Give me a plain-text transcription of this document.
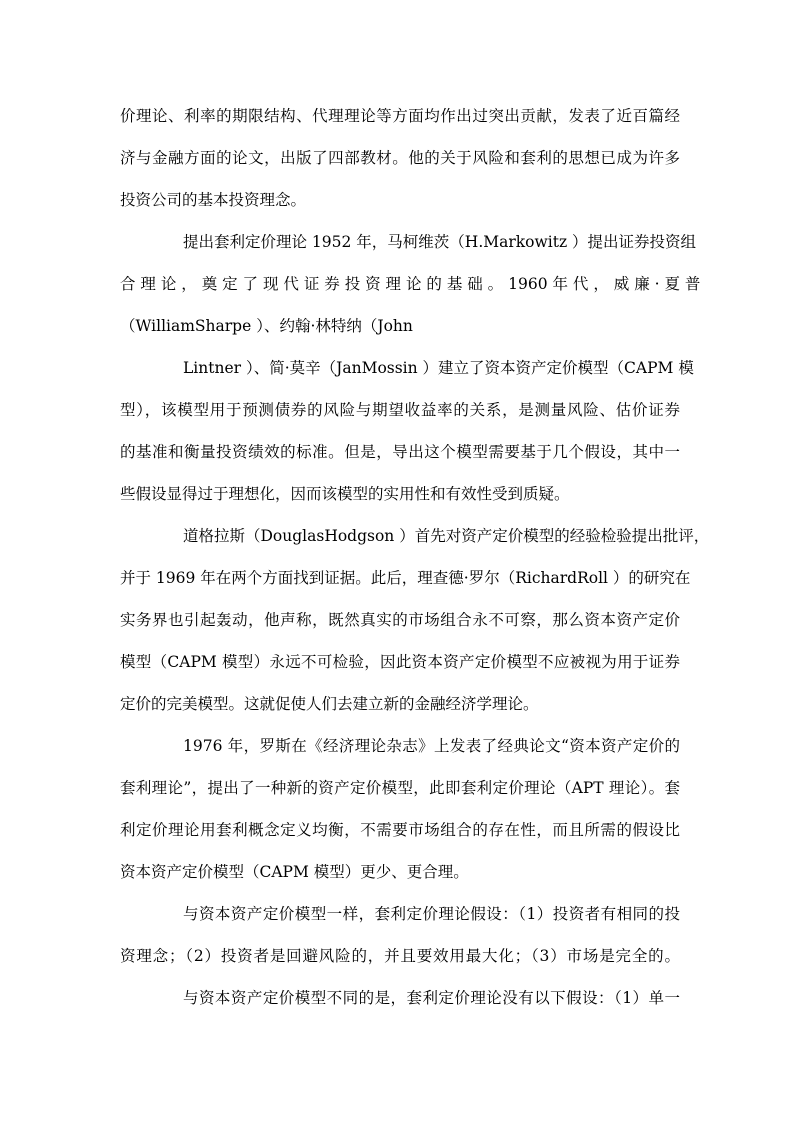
价理论、利率的期限结构、代理理论等方面均作出过突出贡献，发表了近百篇经
济与金融方面的论文，出版了四部教材。他的关于风险和套利的思想已成为许多
投资公司的基本投资理念。
提出套利定价理论 1952 年，马柯维茨（H.Markowitz ）提出证券投资组
合 理 论 ， 奠 定 了 现 代 证 券 投 资 理 论 的 基 础 。 1960 年 代 ， 威 廉 · 夏 普
（WilliamSharpe ）、约翰·林特纳（John
Lintner ）、简·莫辛（JanMossin ）建立了资本资产定价模型（CAPM 模
型），该模型用于预测债券的风险与期望收益率的关系，是测量风险、估价证券
的基准和衡量投资绩效的标准。但是，导出这个模型需要基于几个假设，其中一
些假设显得过于理想化，因而该模型的实用性和有效性受到质疑。
道格拉斯（DouglasHodgson ）首先对资产定价模型的经验检验提出批评，
并于 1969 年在两个方面找到证据。此后，理查德·罗尔（RichardRoll ）的研究在
实务界也引起轰动，他声称，既然真实的市场组合永不可察，那么资本资产定价
模型（CAPM 模型）永远不可检验，因此资本资产定价模型不应被视为用于证券
定价的完美模型。这就促使人们去建立新的金融经济学理论。
1976 年，罗斯在《经济理论杂志》上发表了经典论文“资本资产定价的
套利理论”，提出了一种新的资产定价模型，此即套利定价理论（APT 理论）。套
利定价理论用套利概念定义均衡，不需要市场组合的存在性，而且所需的假设比
资本资产定价模型（CAPM 模型）更少、更合理。
与资本资产定价模型一样，套利定价理论假设：（1）投资者有相同的投
资理念；（2）投资者是回避风险的，并且要效用最大化；（3）市场是完全的。
与资本资产定价模型不同的是，套利定价理论没有以下假设：（1）单一
